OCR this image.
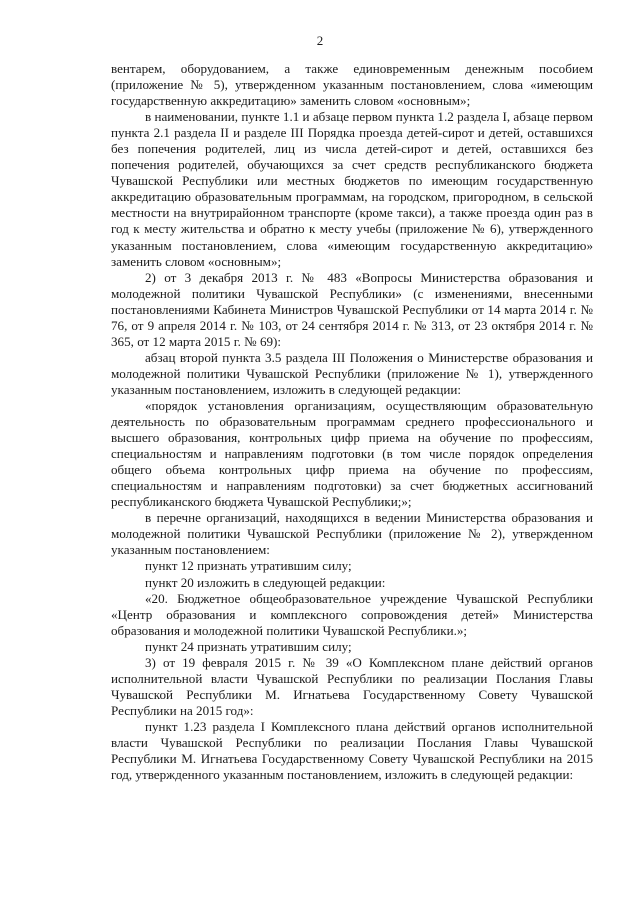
2

вентарем, оборудованием, а также единовременным денежным пособием (приложение № 5), утвержденном указанным постановлением, слова «имеющим государственную аккредитацию» заменить словом «основным»;

в наименовании, пункте 1.1 и абзаце первом пункта 1.2 раздела I, абзаце первом пункта 2.1 раздела II и разделе III Порядка проезда детей-сирот и детей, оставшихся без попечения родителей, лиц из числа детей-сирот и детей, оставшихся без попечения родителей, обучающихся за счет средств республиканского бюджета Чувашской Республики или местных бюджетов по имеющим государственную аккредитацию образовательным программам, на городском, пригородном, в сельской местности на внутрирайонном транспорте (кроме такси), а также проезда один раз в год к месту жительства и обратно к месту учебы (приложение № 6), утвержденного указанным постановлением, слова «имеющим государственную аккредитацию» заменить словом «основным»;

2) от 3 декабря 2013 г. № 483 «Вопросы Министерства образования и молодежной политики Чувашской Республики» (с изменениями, внесенными постановлениями Кабинета Министров Чувашской Республики от 14 марта 2014 г. № 76, от 9 апреля 2014 г. № 103, от 24 сентября 2014 г. № 313, от 23 октября 2014 г. № 365, от 12 марта 2015 г. № 69):

абзац второй пункта 3.5 раздела III Положения о Министерстве образования и молодежной политики Чувашской Республики (приложение № 1), утвержденного указанным постановлением, изложить в следующей редакции:

«порядок установления организациям, осуществляющим образовательную деятельность по образовательным программам среднего профессионального и высшего образования, контрольных цифр приема на обучение по профессиям, специальностям и направлениям подготовки (в том числе порядок определения общего объема контрольных цифр приема на обучение по профессиям, специальностям и направлениям подготовки) за счет бюджетных ассигнований республиканского бюджета Чувашской Республики;»;

в перечне организаций, находящихся в ведении Министерства образования и молодежной политики Чувашской Республики (приложение № 2), утвержденном указанным постановлением:

пункт 12 признать утратившим силу;

пункт 20 изложить в следующей редакции:

«20. Бюджетное общеобразовательное учреждение Чувашской Республики «Центр образования и комплексного сопровождения детей» Министерства образования и молодежной политики Чувашской Республики.»;

пункт 24 признать утратившим силу;

3) от 19 февраля 2015 г. № 39 «О Комплексном плане действий органов исполнительной власти Чувашской Республики по реализации Послания Главы Чувашской Республики М. Игнатьева Государственному Совету Чувашской Республики на 2015 год»:

пункт 1.23 раздела I Комплексного плана действий органов исполнительной власти Чувашской Республики по реализации Послания Главы Чувашской Республики М. Игнатьева Государственному Совету Чувашской Республики на 2015 год, утвержденного указанным постановлением, изложить в следующей редакции:
